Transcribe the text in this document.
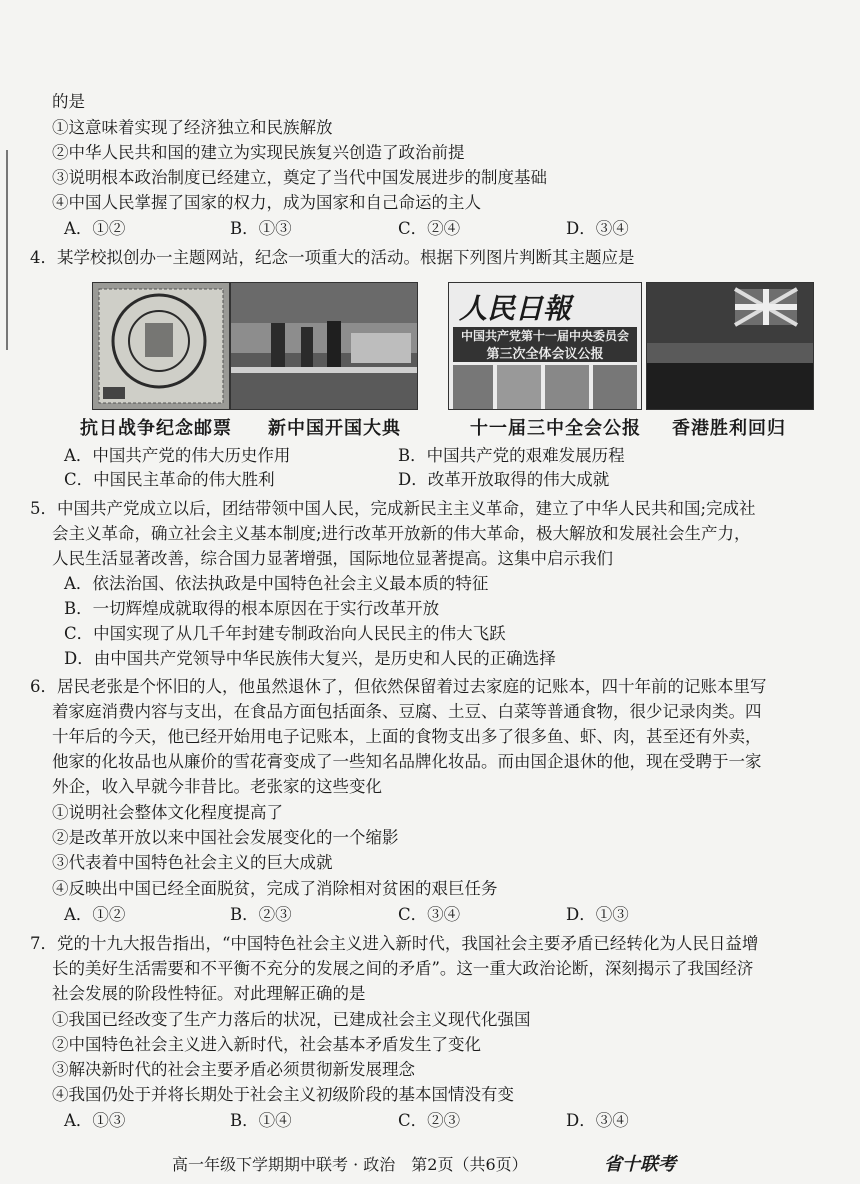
的是
①这意味着实现了经济独立和民族解放
②中华人民共和国的建立为实现民族复兴创造了政治前提
③说明根本政治制度已经建立，奠定了当代中国发展进步的制度基础
④中国人民掌握了国家的权力，成为国家和自己命运的主人
A．①②	B．①③	C．②④	D．③④
4．某学校拟创办一主题网站，纪念一项重大的活动。根据下列图片判断其主题应是
人民日報
中国共产党第十一届中央委员会
第三次全体会议公报
抗日战争纪念邮票 新中国开国大典	十一届三中全会公报 香港胜利回归
A．中国共产党的伟大历史作用	B．中国共产党的艰难发展历程
C．中国民主革命的伟大胜利	D．改革开放取得的伟大成就
5．中国共产党成立以后，团结带领中国人民，完成新民主主义革命，建立了中华人民共和国;完成社
会主义革命，确立社会主义基本制度;进行改革开放新的伟大革命，极大解放和发展社会生产力，
人民生活显著改善，综合国力显著增强，国际地位显著提高。这集中启示我们
A．依法治国、依法执政是中国特色社会主义最本质的特征
B．一切辉煌成就取得的根本原因在于实行改革开放
C．中国实现了从几千年封建专制政治向人民民主的伟大飞跃
D．由中国共产党领导中华民族伟大复兴，是历史和人民的正确选择
6．居民老张是个怀旧的人，他虽然退休了，但依然保留着过去家庭的记账本，四十年前的记账本里写
着家庭消费内容与支出，在食品方面包括面条、豆腐、土豆、白菜等普通食物，很少记录肉类。四
十年后的今天，他已经开始用电子记账本，上面的食物支出多了很多鱼、虾、肉，甚至还有外卖，
他家的化妆品也从廉价的雪花膏变成了一些知名品牌化妆品。而由国企退休的他，现在受聘于一家
外企，收入早就今非昔比。老张家的这些变化
①说明社会整体文化程度提高了
②是改革开放以来中国社会发展变化的一个缩影
③代表着中国特色社会主义的巨大成就
④反映出中国已经全面脱贫，完成了消除相对贫困的艰巨任务
A．①②	B．②③	C．③④	D．①③
7．党的十九大报告指出，“中国特色社会主义进入新时代，我国社会主要矛盾已经转化为人民日益增
长的美好生活需要和不平衡不充分的发展之间的矛盾”。这一重大政治论断，深刻揭示了我国经济
社会发展的阶段性特征。对此理解正确的是
①我国已经改变了生产力落后的状况，已建成社会主义现代化强国
②中国特色社会主义进入新时代，社会基本矛盾发生了变化
③解决新时代的社会主要矛盾必须贯彻新发展理念
④我国仍处于并将长期处于社会主义初级阶段的基本国情没有变
A．①③	B．①④	C．②③	D．③④
高一年级下学期期中联考 · 政治　第2页（共6页）	省十联考
